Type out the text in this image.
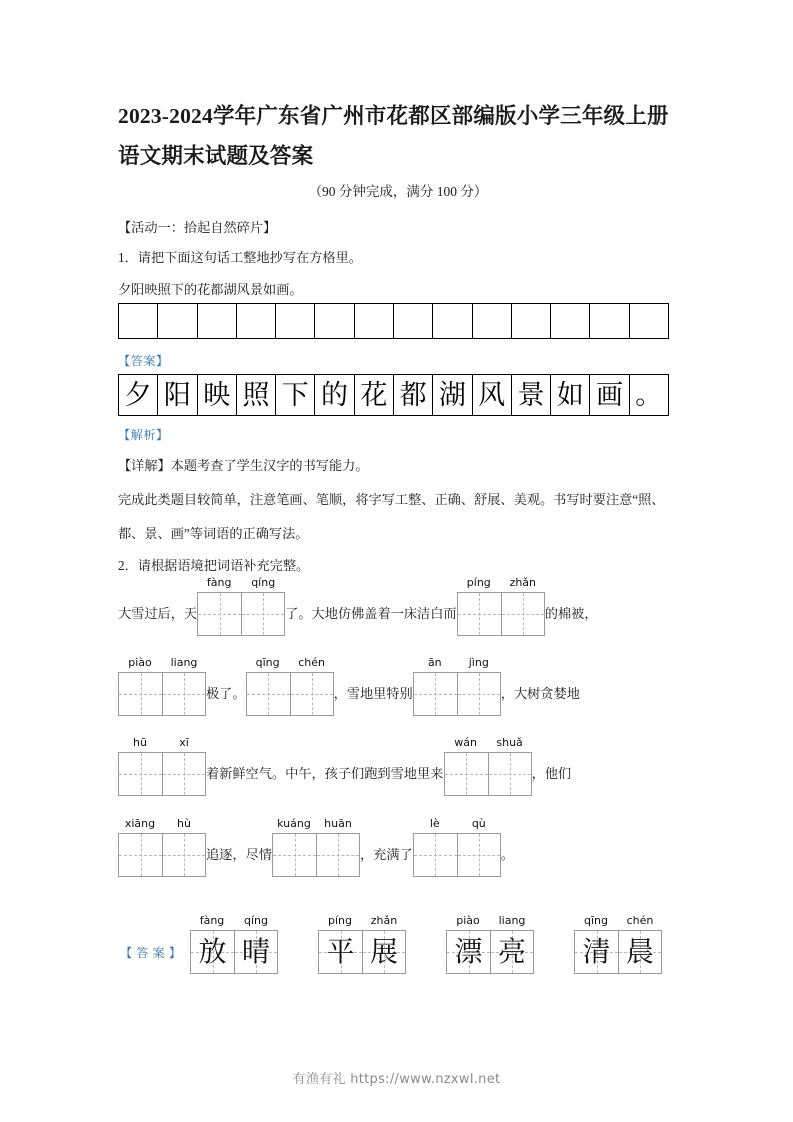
2023-2024学年广东省广州市花都区部编版小学三年级上册语文期末试题及答案
（90 分钟完成，满分 100 分）
【活动一：拾起自然碎片】
1．请把下面这句话工整地抄写在方格里。
夕阳映照下的花都湖风景如画。
【答案】
夕 阳 映 照 下 的 花 都 湖 风 景 如 画 。
【解析】
【详解】本题考查了学生汉字的书写能力。
完成此类题目较简单，注意笔画、笔顺，将字写工整、正确、舒展、美观。书写时要注意“照、
都、景、画”等词语的正确写法。
2．请根据语境把词语补充完整。
大雪过后，天
fàng	qíng
了。大地仿佛盖着一床洁白而
píng	zhǎn
的棉被，
piào	liang
极了。
qīng	chén
，雪地里特别
ān	jìng
，大树贪婪地
hū	xī
着新鲜空气。中午，孩子们跑到雪地里来
wán	shuǎ
，他们
xiāng	hù
追逐，尽情
kuáng	huān
，充满了
lè	qù
。
【 答 案 】
fàng	qíng
放 晴
píng	zhǎn
平 展
piào	liang
漂 亮
qīng	chén
清 晨
有渔有礼 https://www.nzxwl.net
